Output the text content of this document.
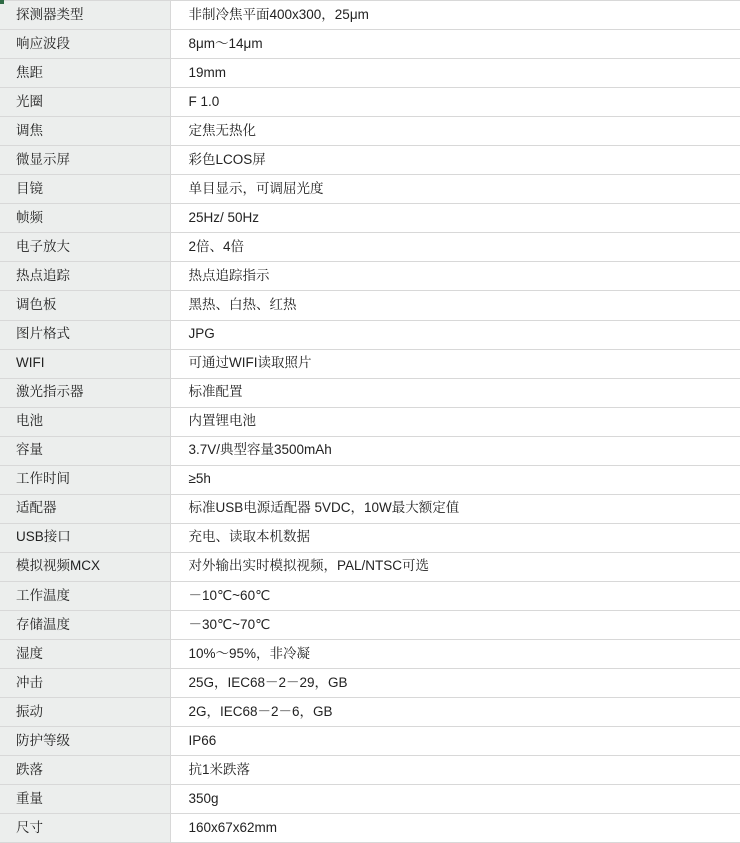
探测器类型	非制冷焦平面400x300，25μm
响应波段	8μm～14μm
焦距	19mm
光圈	F 1.0
调焦	定焦无热化
微显示屏	彩色LCOS屏
目镜	单目显示，可调屈光度
帧频	25Hz/ 50Hz
电子放大	2倍、4倍
热点追踪	热点追踪指示
调色板	黑热、白热、红热
图片格式	JPG
WIFI	可通过WIFI读取照片
激光指示器	标准配置
电池	内置锂电池
容量	3.7V/典型容量3500mAh
工作时间	≥5h
适配器	标准USB电源适配器 5VDC，10W最大额定值
USB接口	充电、读取本机数据
模拟视频MCX	对外输出实时模拟视频，PAL/NTSC可选
工作温度	－10℃~60℃
存储温度	－30℃~70℃
湿度	10%～95%，非冷凝
冲击	25G，IEC68－2－29，GB
振动	2G，IEC68－2－6，GB
防护等级	IP66
跌落	抗1米跌落
重量	350g
尺寸	160x67x62mm
